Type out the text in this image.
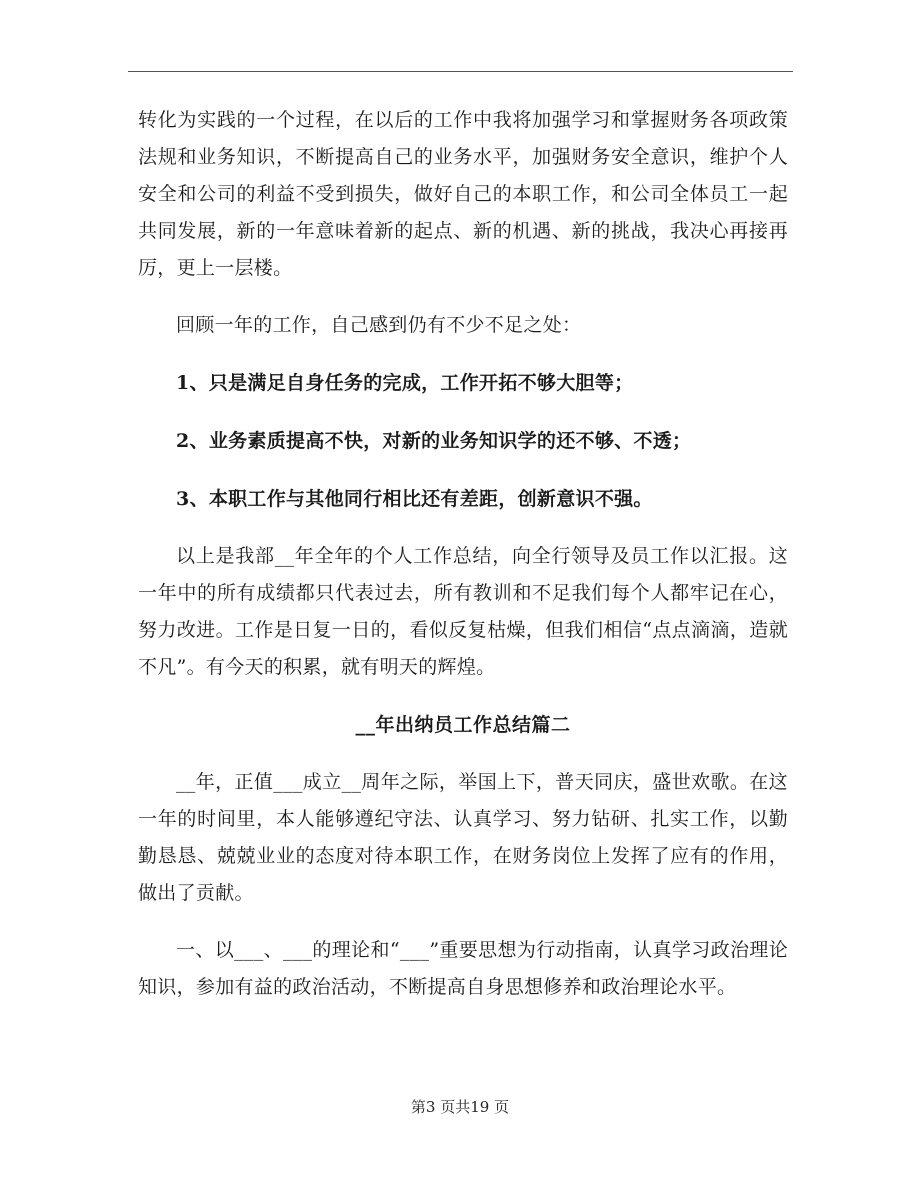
转化为实践的一个过程，在以后的工作中我将加强学习和掌握财务各项政策法规和业务知识，不断提高自己的业务水平，加强财务安全意识，维护个人安全和公司的利益不受到损失，做好自己的本职工作，和公司全体员工一起共同发展，新的一年意味着新的起点、新的机遇、新的挑战，我决心再接再厉，更上一层楼。

回顾一年的工作，自己感到仍有不少不足之处：

1、只是满足自身任务的完成，工作开拓不够大胆等；

2、业务素质提高不快，对新的业务知识学的还不够、不透；

3、本职工作与其他同行相比还有差距，创新意识不强。

以上是我部__年全年的个人工作总结，向全行领导及员工作以汇报。这一年中的所有成绩都只代表过去，所有教训和不足我们每个人都牢记在心，努力改进。工作是日复一日的，看似反复枯燥，但我们相信“点点滴滴，造就不凡”。有今天的积累，就有明天的辉煌。

__年出纳员工作总结篇二

__年，正值___成立__周年之际，举国上下，普天同庆，盛世欢歌。在这一年的时间里，本人能够遵纪守法、认真学习、努力钻研、扎实工作，以勤勤恳恳、兢兢业业的态度对待本职工作，在财务岗位上发挥了应有的作用，做出了贡献。

一、以___、___的理论和“___”重要思想为行动指南，认真学习政治理论知识，参加有益的政治活动，不断提高自身思想修养和政治理论水平。

第3 页共19 页
